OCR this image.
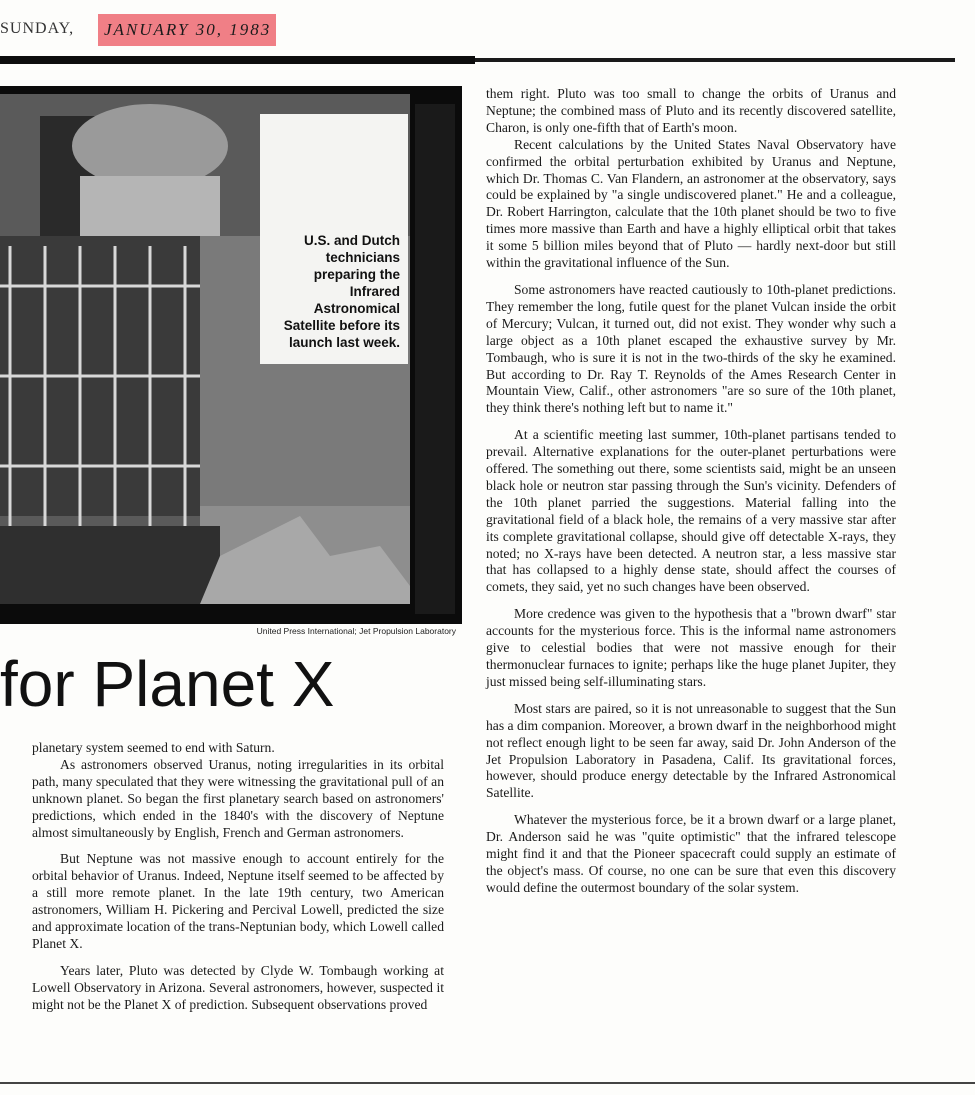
SUNDAY,	JANUARY 30, 1983
U.S. and Dutch technicians preparing the Infrared Astronomical Satellite before its launch last week.
United Press International; Jet Propulsion Laboratory
for Planet X

planetary system seemed to end with Saturn.

As astronomers observed Uranus, noting irregularities in its orbital path, many speculated that they were witnessing the gravitational pull of an unknown planet. So began the first planetary search based on astronomers' predictions, which ended in the 1840's with the discovery of Neptune almost simultaneously by English, French and German astronomers.

But Neptune was not massive enough to account entirely for the orbital behavior of Uranus. Indeed, Neptune itself seemed to be affected by a still more remote planet. In the late 19th century, two American astronomers, William H. Pickering and Percival Lowell, predicted the size and approximate location of the trans-Neptunian body, which Lowell called Planet X.

Years later, Pluto was detected by Clyde W. Tombaugh working at Lowell Observatory in Arizona. Several astronomers, however, suspected it might not be the Planet X of prediction. Subsequent observations proved

them right. Pluto was too small to change the orbits of Uranus and Neptune; the combined mass of Pluto and its recently discovered satellite, Charon, is only one-fifth that of Earth's moon.

Recent calculations by the United States Naval Observatory have confirmed the orbital perturbation exhibited by Uranus and Neptune, which Dr. Thomas C. Van Flandern, an astronomer at the observatory, says could be explained by "a single undiscovered planet." He and a colleague, Dr. Robert Harrington, calculate that the 10th planet should be two to five times more massive than Earth and have a highly elliptical orbit that takes it some 5 billion miles beyond that of Pluto — hardly next-door but still within the gravitational influence of the Sun.

Some astronomers have reacted cautiously to 10th-planet predictions. They remember the long, futile quest for the planet Vulcan inside the orbit of Mercury; Vulcan, it turned out, did not exist. They wonder why such a large object as a 10th planet escaped the exhaustive survey by Mr. Tombaugh, who is sure it is not in the two-thirds of the sky he examined. But according to Dr. Ray T. Reynolds of the Ames Research Center in Mountain View, Calif., other astronomers "are so sure of the 10th planet, they think there's nothing left but to name it."

At a scientific meeting last summer, 10th-planet partisans tended to prevail. Alternative explanations for the outer-planet perturbations were offered. The something out there, some scientists said, might be an unseen black hole or neutron star passing through the Sun's vicinity. Defenders of the 10th planet parried the suggestions. Material falling into the gravitational field of a black hole, the remains of a very massive star after its complete gravitational collapse, should give off detectable X-rays, they noted; no X-rays have been detected. A neutron star, a less massive star that has collapsed to a highly dense state, should affect the courses of comets, they said, yet no such changes have been observed.

More credence was given to the hypothesis that a "brown dwarf" star accounts for the mysterious force. This is the informal name astronomers give to celestial bodies that were not massive enough for their thermonuclear furnaces to ignite; perhaps like the huge planet Jupiter, they just missed being self-illuminating stars.

Most stars are paired, so it is not unreasonable to suggest that the Sun has a dim companion. Moreover, a brown dwarf in the neighborhood might not reflect enough light to be seen far away, said Dr. John Anderson of the Jet Propulsion Laboratory in Pasadena, Calif. Its gravitational forces, however, should produce energy detectable by the Infrared Astronomical Satellite.

Whatever the mysterious force, be it a brown dwarf or a large planet, Dr. Anderson said he was "quite optimistic" that the infrared telescope might find it and that the Pioneer spacecraft could supply an estimate of the object's mass. Of course, no one can be sure that even this discovery would define the outermost boundary of the solar system.
